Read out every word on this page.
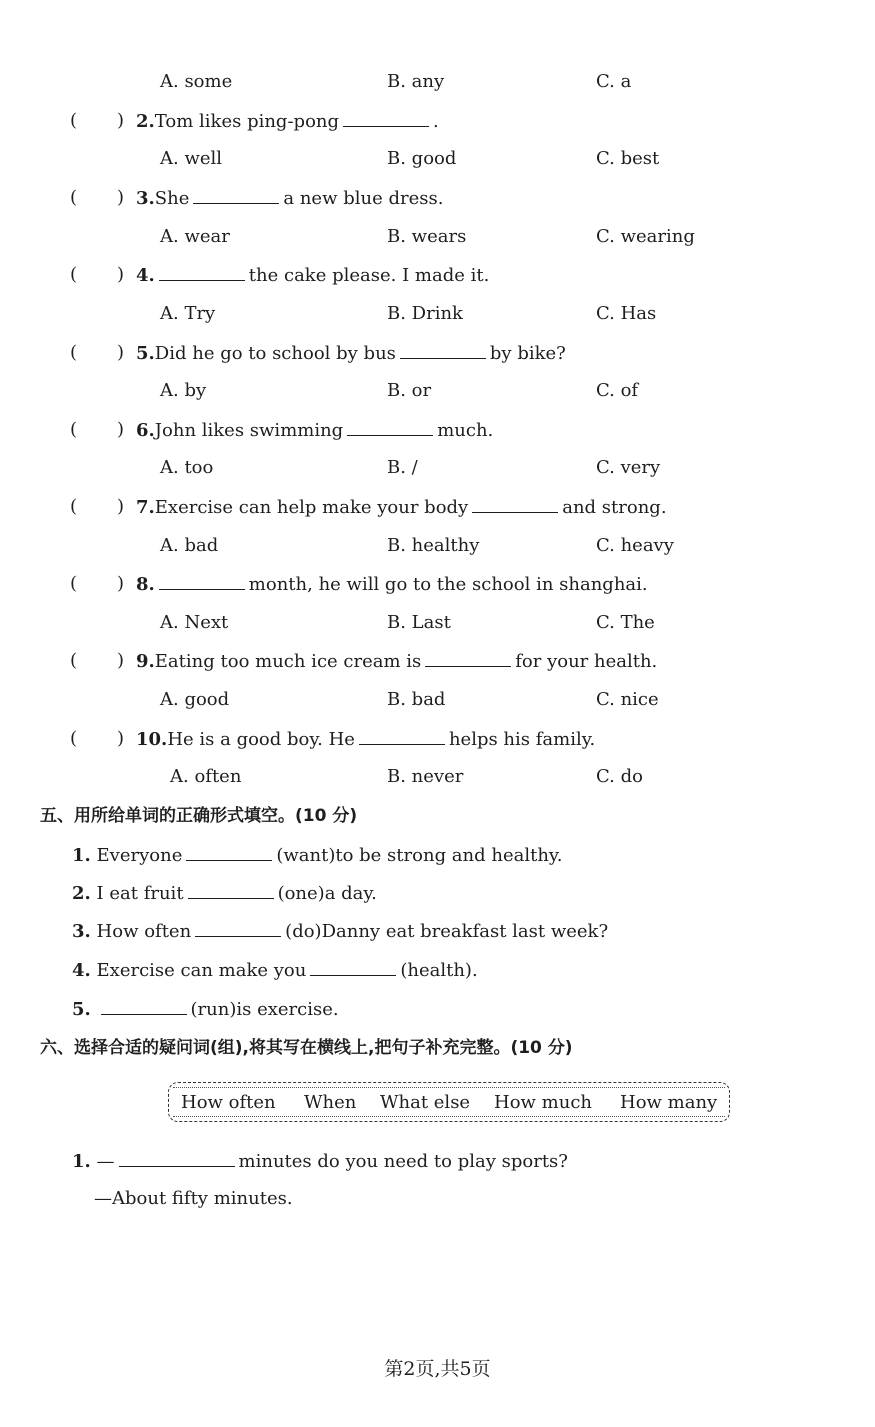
A. some	B. any	C. a
( ) 2.Tom likes ping-pong	.
A. well	B. good	C. best
( ) 3.She	a new blue dress.
A. wear	B. wears	C. wearing
( ) 4.	the cake please. I made it.
A. Try	B. Drink	C. Has
( ) 5.Did he go to school by bus	by bike?
A. by	B. or	C. of
( ) 6.John likes swimming	much.
A. too	B. /	C. very
( ) 7.Exercise can help make your body	and strong.
A. bad	B. healthy	C. heavy
( ) 8.	month, he will go to the school in shanghai.
A. Next	B. Last	C. The
( ) 9.Eating too much ice cream is	for your health.
A. good	B. bad	C. nice
( ) 10.He is a good boy. He	helps his family.
A. often	B. never	C. do
五、用所给单词的正确形式填空。(10 分)
1. Everyone	(want)to be strong and healthy.
2. I eat fruit	(one)a day.
3. How often	(do)Danny eat breakfast last week?
4. Exercise can make you	(health).
5.	(run)is exercise.
六、选择合适的疑问词(组),将其写在横线上,把句子补充完整。(10 分)
How often When What else How much How many
1. —	minutes do you need to play sports?
—About fifty minutes.
第2页,共5页
